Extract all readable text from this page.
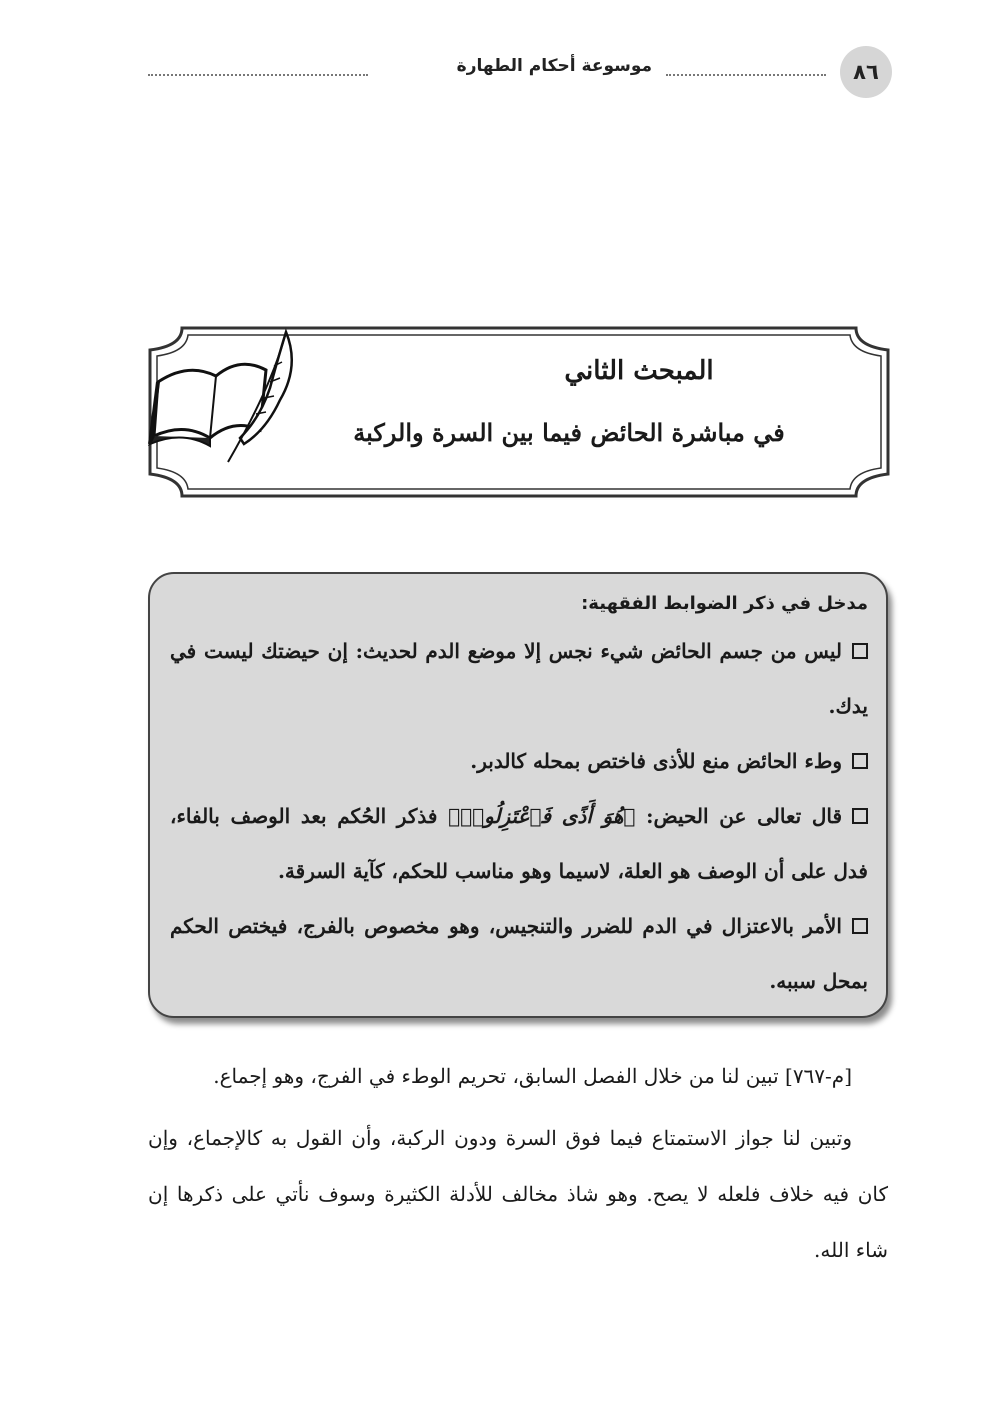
موسوعة أحكام الطهارة	٨٦
المبحث الثاني
في مباشرة الحائض فيما بين السرة والركبة
مدخل في ذكر الضوابط الفقهية:
ليس من جسم الحائض شيء نجس إلا موضع الدم لحديث: إن حيضتك ليست في يدك.
وطء الحائض منع للأذى فاختص بمحله كالدبر.
قال تعالى عن الحيض: ﴿هُوَ أَذًى فَٱعْتَزِلُوا۟﴾ فذكر الحُكم بعد الوصف بالفاء، فدل على أن الوصف هو العلة، لاسيما وهو مناسب للحكم، كآية السرقة.
الأمر بالاعتزال في الدم للضرر والتنجيس، وهو مخصوص بالفرج، فيختص الحكم بمحل سببه.

[م-٧٦٧] تبين لنا من خلال الفصل السابق، تحريم الوطء في الفرج، وهو إجماع.

وتبين لنا جواز الاستمتاع فيما فوق السرة ودون الركبة، وأن القول به كالإجماع، وإن كان فيه خلاف فلعله لا يصح. وهو شاذ مخالف للأدلة الكثيرة وسوف نأتي على ذكرها إن شاء الله.
